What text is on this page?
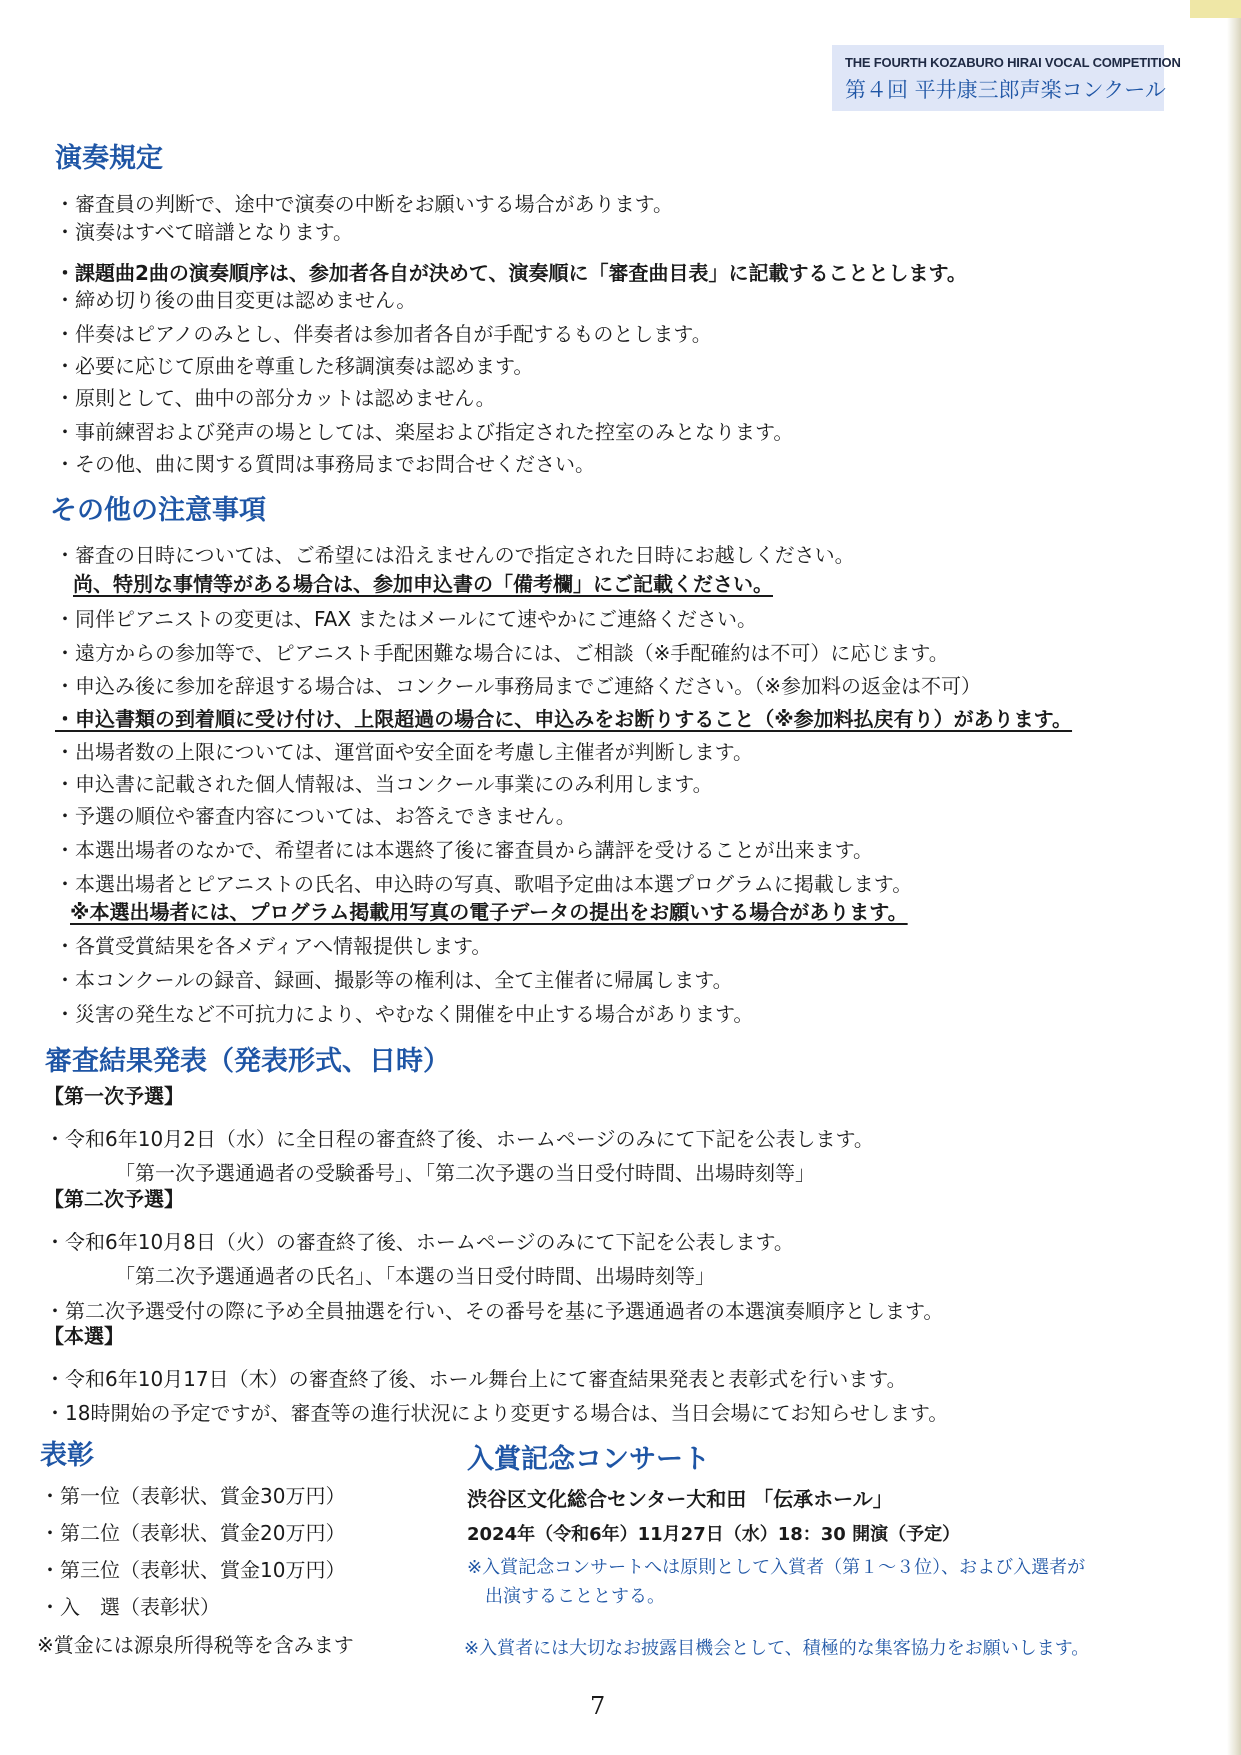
THE FOURTH KOZABURO HIRAI VOCAL COMPETITION
第４回 平井康三郎声楽コンクール
演奏規定
・審査員の判断で、途中で演奏の中断をお願いする場合があります。
・演奏はすべて暗譜となります。
・課題曲2曲の演奏順序は、参加者各自が決めて、演奏順に「審査曲目表」に記載することとします。
・締め切り後の曲目変更は認めません。
・伴奏はピアノのみとし、伴奏者は参加者各自が手配するものとします。
・必要に応じて原曲を尊重した移調演奏は認めます。
・原則として、曲中の部分カットは認めません。
・事前練習および発声の場としては、楽屋および指定された控室のみとなります。
・その他、曲に関する質問は事務局までお問合せください。
その他の注意事項
・審査の日時については、ご希望には沿えませんので指定された日時にお越しください。
尚、特別な事情等がある場合は、参加申込書の「備考欄」にご記載ください。
・同伴ピアニストの変更は、FAX またはメールにて速やかにご連絡ください。
・遠方からの参加等で、ピアニスト手配困難な場合には、ご相談（※手配確約は不可）に応じます。
・申込み後に参加を辞退する場合は、コンクール事務局までご連絡ください。（※参加料の返金は不可）
・申込書類の到着順に受け付け、上限超過の場合に、申込みをお断りすること（※参加料払戻有り）があります。
・出場者数の上限については、運営面や安全面を考慮し主催者が判断します。
・申込書に記載された個人情報は、当コンクール事業にのみ利用します。
・予選の順位や審査内容については、お答えできません。
・本選出場者のなかで、希望者には本選終了後に審査員から講評を受けることが出来ます。
・本選出場者とピアニストの氏名、申込時の写真、歌唱予定曲は本選プログラムに掲載します。
※本選出場者には、プログラム掲載用写真の電子データの提出をお願いする場合があります。
・各賞受賞結果を各メディアへ情報提供します。
・本コンクールの録音、録画、撮影等の権利は、全て主催者に帰属します。
・災害の発生など不可抗力により、やむなく開催を中止する場合があります。
審査結果発表（発表形式、日時）
【第一次予選】
・令和6年10月2日（水）に全日程の審査終了後、ホームページのみにて下記を公表します。
「第一次予選通過者の受験番号」、「第二次予選の当日受付時間、出場時刻等」
【第二次予選】
・令和6年10月8日（火）の審査終了後、ホームページのみにて下記を公表します。
「第二次予選通過者の氏名」、「本選の当日受付時間、出場時刻等」
・第二次予選受付の際に予め全員抽選を行い、その番号を基に予選通過者の本選演奏順序とします。
【本選】
・令和6年10月17日（木）の審査終了後、ホール舞台上にて審査結果発表と表彰式を行います。
・18時開始の予定ですが、審査等の進行状況により変更する場合は、当日会場にてお知らせします。
表彰
・第一位（表彰状、賞金30万円）
・第二位（表彰状、賞金20万円）
・第三位（表彰状、賞金10万円）
・入　選（表彰状）
※賞金には源泉所得税等を含みます
入賞記念コンサート
渋谷区文化総合センター大和田 「伝承ホール」
2024年（令和6年）11月27日（水）18：30 開演（予定）
※入賞記念コンサートへは原則として入賞者（第１～３位）、および入選者が
出演することとする。
※入賞者には大切なお披露目機会として、積極的な集客協力をお願いします。
7
